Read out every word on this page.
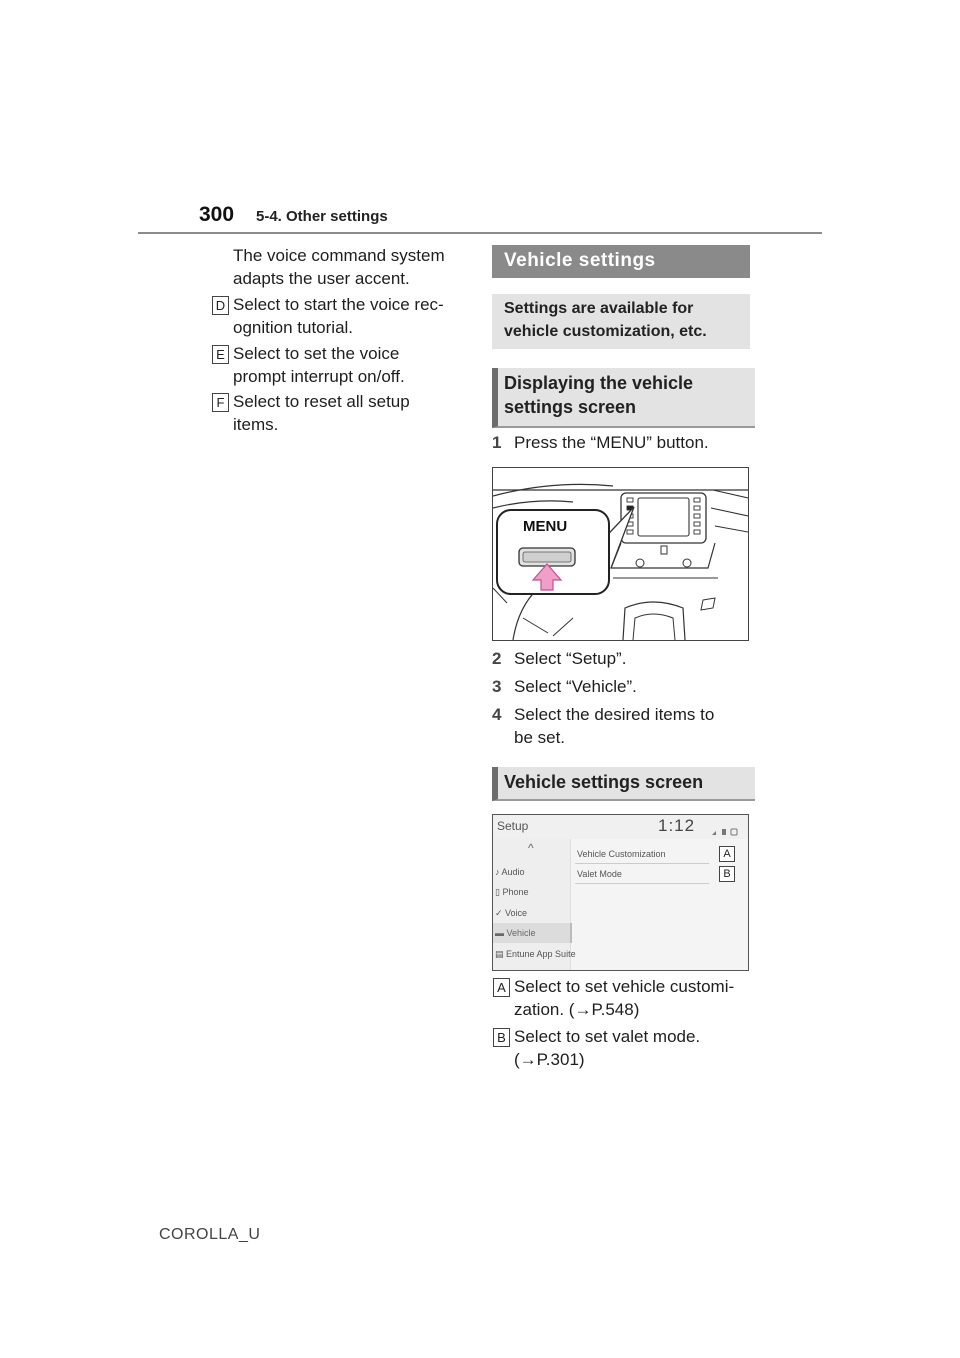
300 5-4. Other settings
The voice command system adapts the user accent.
D Select to start the voice rec-
ognition tutorial.
E Select to set the voice
prompt interrupt on/off.
F Select to reset all setup
items.
Vehicle settings
Settings are available for
vehicle customization, etc.
Displaying the vehicle
settings screen
1 Press the “MENU” button.
MENU
2 Select “Setup”.
3 Select “Vehicle”.
4 Select the desired items to
be set.
Vehicle settings screen
Setup	1:12
^
♪ Audio
▯ Phone
✓ Voice
▬ Vehicle
▤ Entune App Suite
Vehicle Customization
Valet Mode
A
B
A Select to set vehicle customi-
zation. (→P.548)
B Select to set valet mode.
(→P.301)
COROLLA_U
